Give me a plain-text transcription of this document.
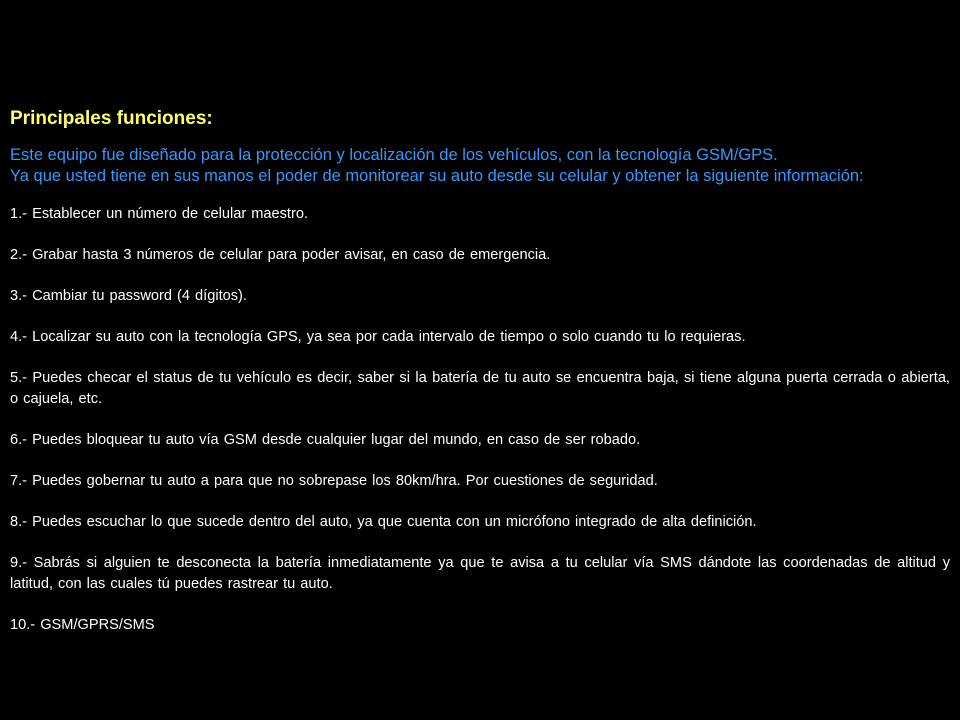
Principales funciones:

Este equipo fue diseñado para la protección y localización de los vehículos, con la tecnología GSM/GPS.

Ya que usted tiene en sus manos el poder de monitorear su auto desde su celular y obtener la siguiente información:

1.- Establecer un número de celular maestro.
2.- Grabar hasta 3 números de celular para poder avisar, en caso de emergencia.
3.- Cambiar tu password (4 dígitos).
4.- Localizar su auto con la tecnología GPS, ya sea por cada intervalo de tiempo o solo cuando tu lo requieras.
5.- Puedes checar el status de tu vehículo es decir, saber si la batería de tu auto se encuentra baja, si tiene alguna puerta cerrada o abierta, o cajuela, etc.
6.- Puedes bloquear tu auto vía GSM desde cualquier lugar del mundo, en caso de ser robado.
7.- Puedes gobernar tu auto a para que no sobrepase los 80km/hra. Por cuestiones de seguridad.
8.- Puedes escuchar lo que sucede dentro del auto, ya que cuenta con un micrófono integrado de alta definición.
9.- Sabrás si alguien te desconecta la batería inmediatamente ya que te avisa a tu celular vía SMS dándote las coordenadas de altitud y latitud, con las cuales tú puedes rastrear tu auto.
10.- GSM/GPRS/SMS
